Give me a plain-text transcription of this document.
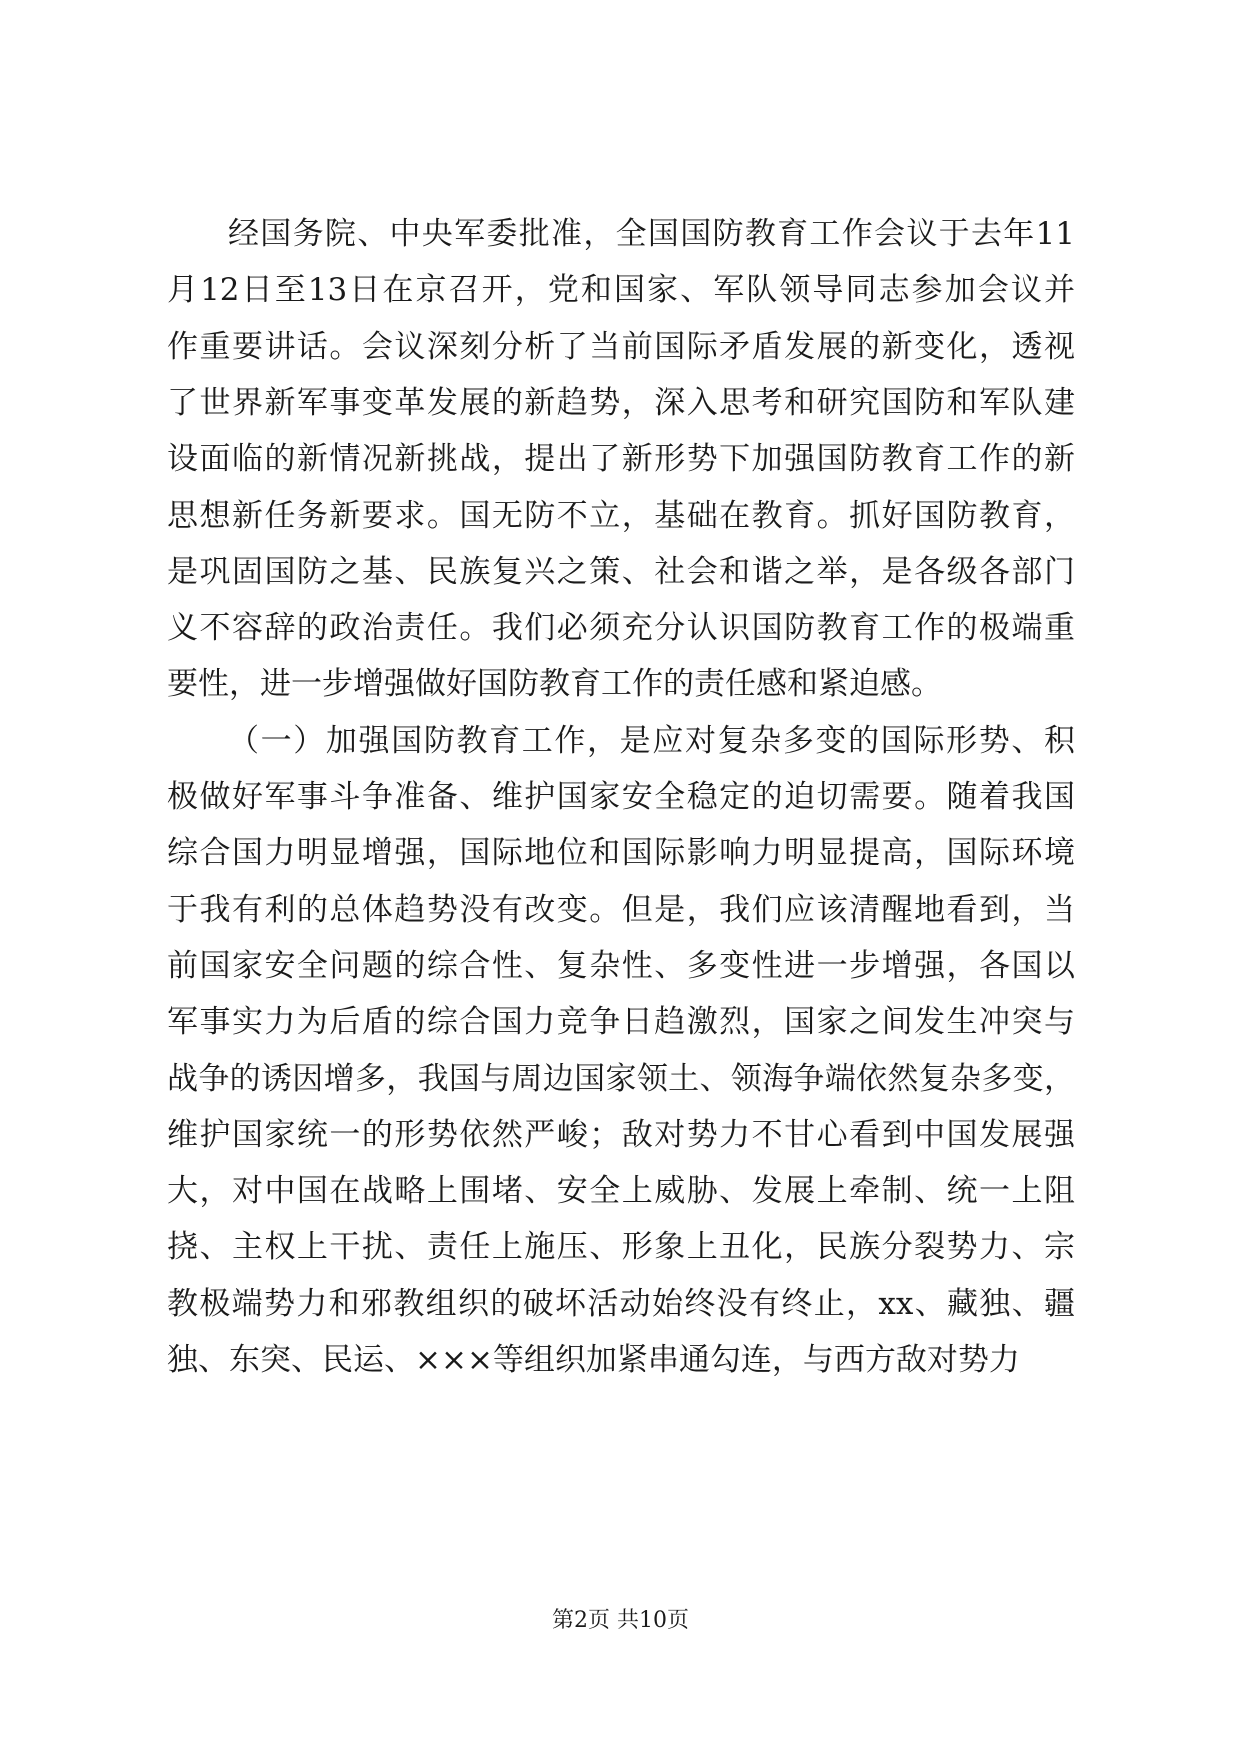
经国务院、中央军委批准，全国国防教育工作会议于去年11
月12日至13日在京召开，党和国家、军队领导同志参加会议并
作重要讲话。会议深刻分析了当前国际矛盾发展的新变化，透视
了世界新军事变革发展的新趋势，深入思考和研究国防和军队建
设面临的新情况新挑战，提出了新形势下加强国防教育工作的新
思想新任务新要求。国无防不立，基础在教育。抓好国防教育，
是巩固国防之基、民族复兴之策、社会和谐之举，是各级各部门
义不容辞的政治责任。我们必须充分认识国防教育工作的极端重
要性，进一步增强做好国防教育工作的责任感和紧迫感。
（一）加强国防教育工作，是应对复杂多变的国际形势、积
极做好军事斗争准备、维护国家安全稳定的迫切需要。随着我国
综合国力明显增强，国际地位和国际影响力明显提高，国际环境
于我有利的总体趋势没有改变。但是，我们应该清醒地看到，当
前国家安全问题的综合性、复杂性、多变性进一步增强，各国以
军事实力为后盾的综合国力竞争日趋激烈，国家之间发生冲突与
战争的诱因增多，我国与周边国家领土、领海争端依然复杂多变，
维护国家统一的形势依然严峻；敌对势力不甘心看到中国发展强
大，对中国在战略上围堵、安全上威胁、发展上牵制、统一上阻
挠、主权上干扰、责任上施压、形象上丑化，民族分裂势力、宗
教极端势力和邪教组织的破坏活动始终没有终止，xx、藏独、疆
独、东突、民运、×××等组织加紧串通勾连，与西方敌对势力
第2页 共10页
